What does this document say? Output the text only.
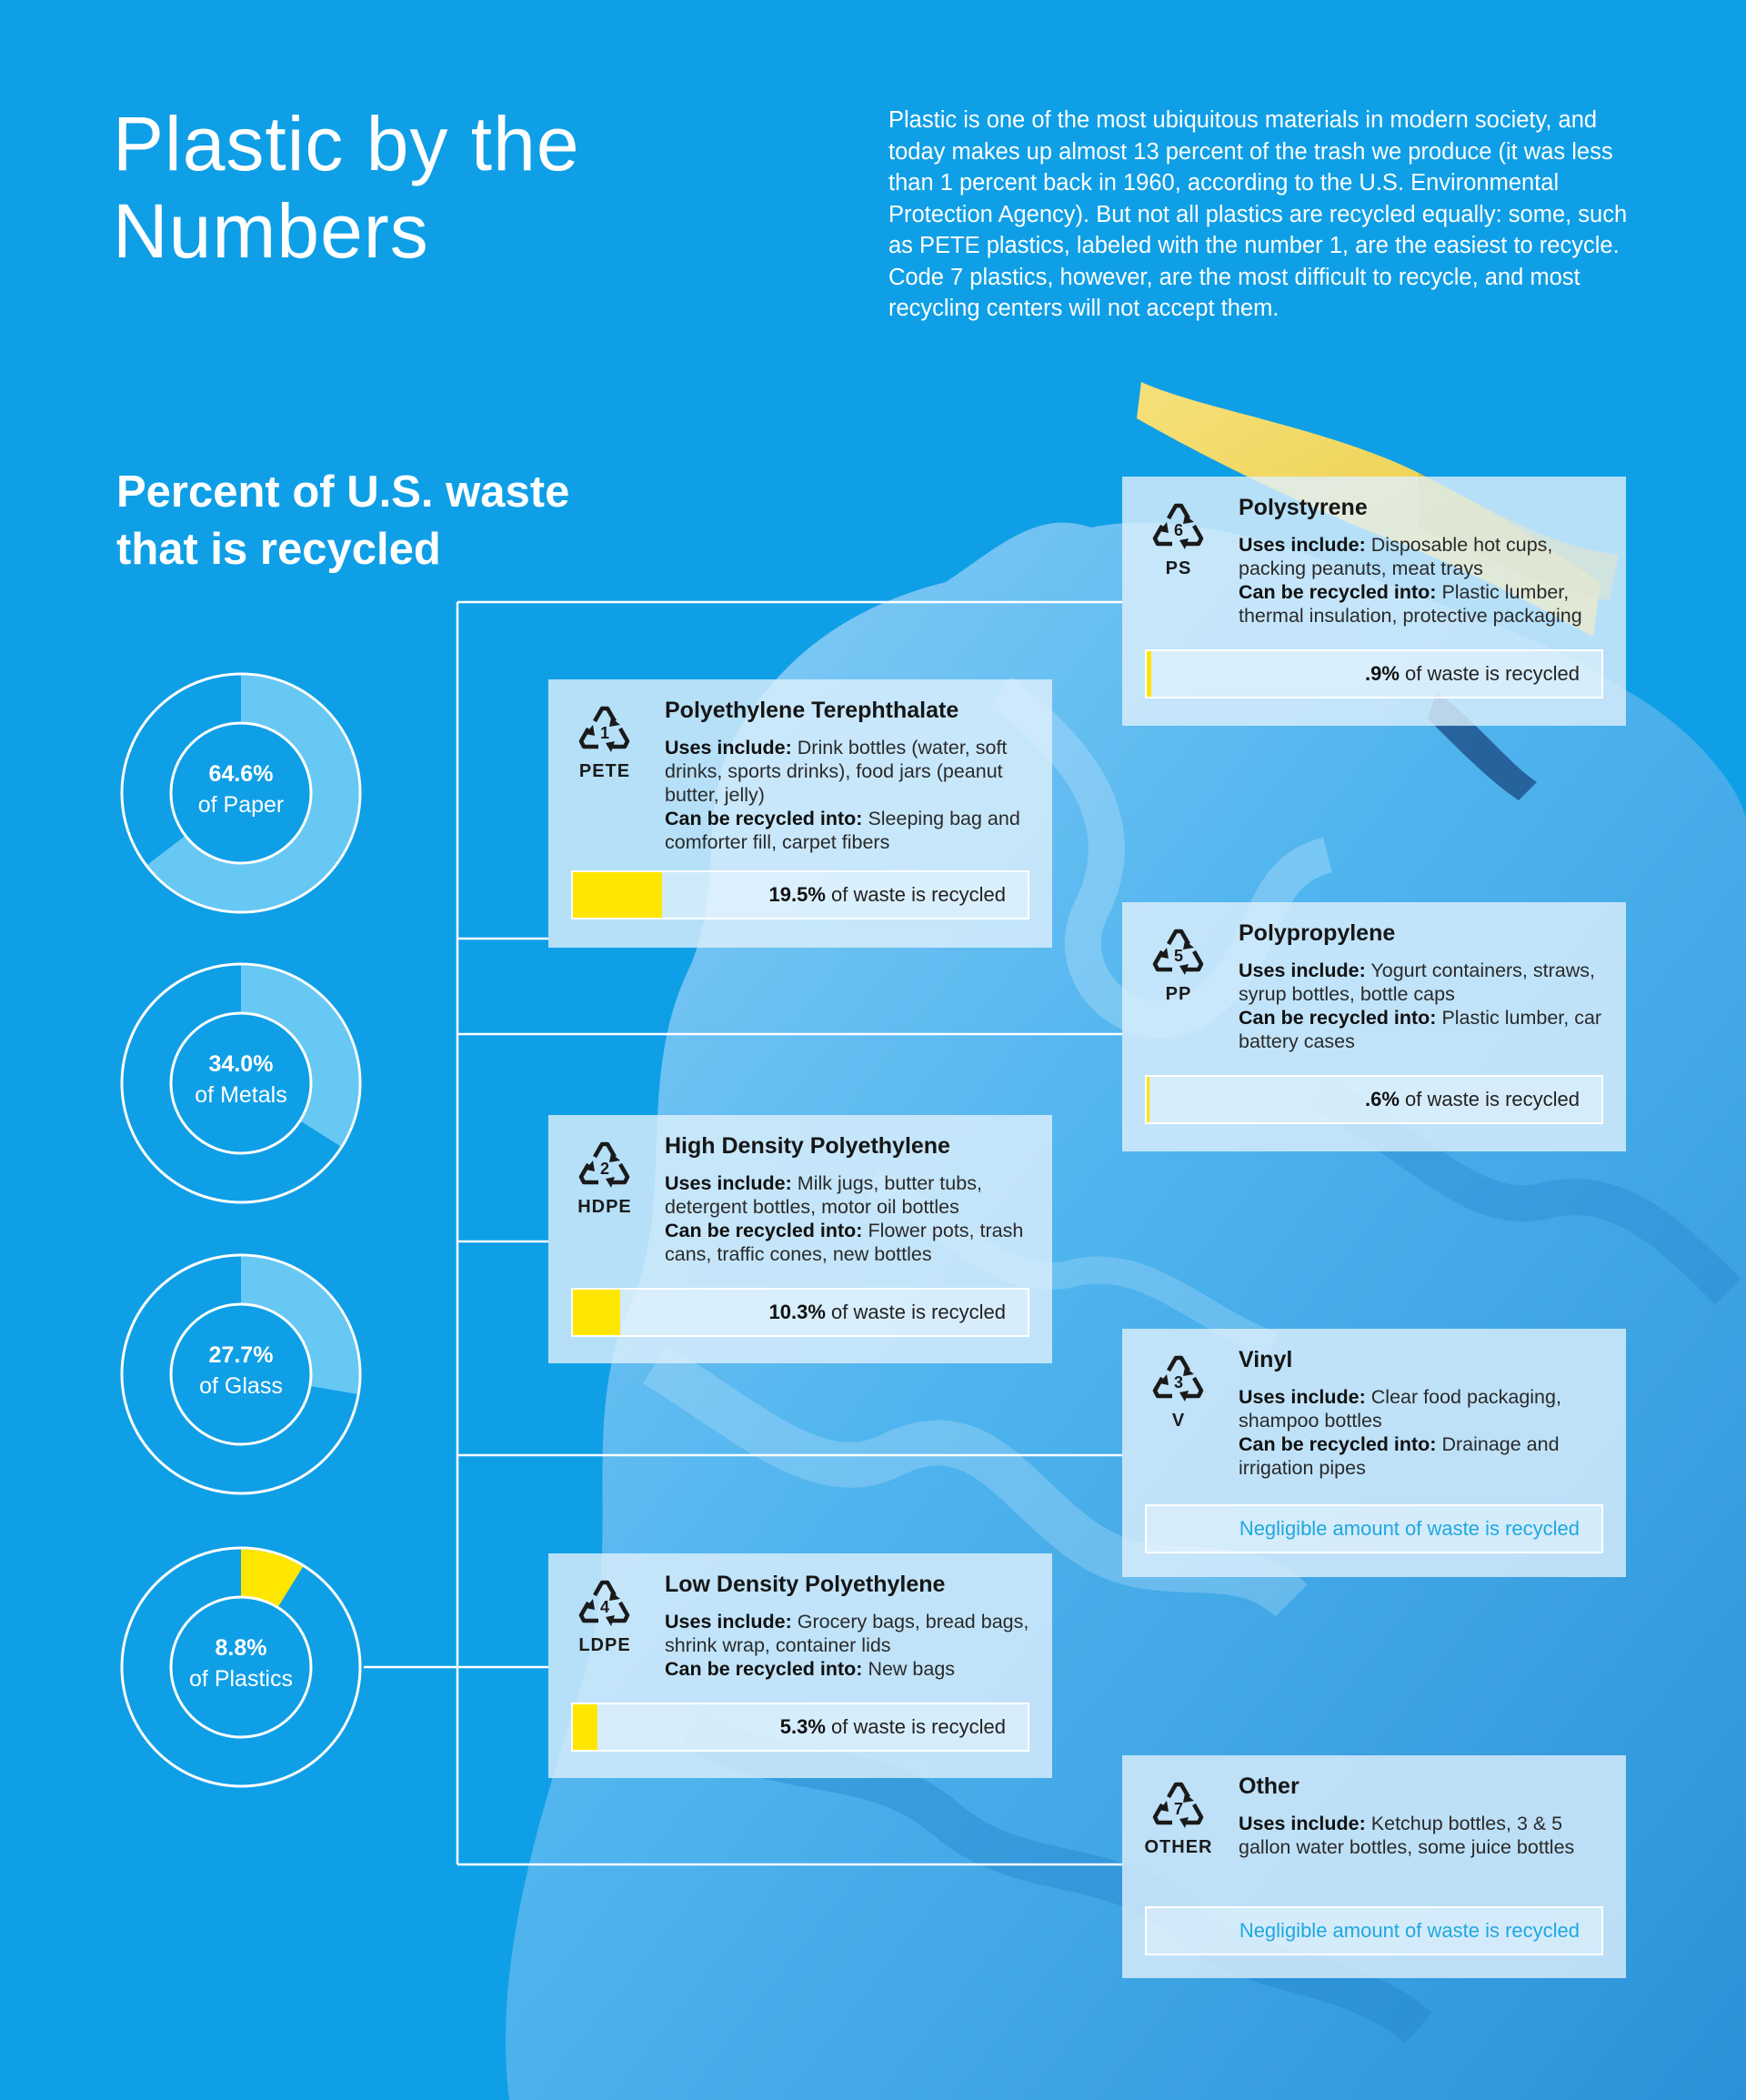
Plastic by the
Numbers

Plastic is one of the most ubiquitous materials in modern society, and today makes up almost 13 percent of the trash we produce (it was less than 1 percent back in 1960, according to the U.S. Environmental Protection Agency). But not all plastics are recycled equally: some, such as PETE plastics, labeled with the number 1, are the easiest to recycle. Code 7 plastics, however, are the most difficult to recycle, and most recycling centers will not accept them.

Percent of U.S. waste
that is recycled
64.6%
of Paper
34.0%
of Metals
27.7%
of Glass
8.8%
of Plastics
1
PETE
Polyethylene Terephthalate

Uses include: Drink bottles (water, soft drinks, sports drinks), food jars (peanut butter, jelly)

Can be recycled into: Sleeping bag and comforter fill, carpet fibers

19.5% of waste is recycled
2
HDPE
High Density Polyethylene

Uses include: Milk jugs, butter tubs, detergent bottles, motor oil bottles

Can be recycled into: Flower pots, trash cans, traffic cones, new bottles

10.3% of waste is recycled
4
LDPE
Low Density Polyethylene

Uses include: Grocery bags, bread bags, shrink wrap, container lids

Can be recycled into: New bags

5.3% of waste is recycled
6
PS
Polystyrene

Uses include: Disposable hot cups, packing peanuts, meat trays

Can be recycled into: Plastic lumber, thermal insulation, protective packaging

.9% of waste is recycled
5
PP
Polypropylene

Uses include: Yogurt containers, straws, syrup bottles, bottle caps

Can be recycled into: Plastic lumber, car battery cases

.6% of waste is recycled
3
V
Vinyl

Uses include: Clear food packaging, shampoo bottles

Can be recycled into: Drainage and irrigation pipes

Negligible amount of waste is recycled
7
OTHER
Other

Uses include: Ketchup bottles, 3 & 5 gallon water bottles, some juice bottles

Negligible amount of waste is recycled
